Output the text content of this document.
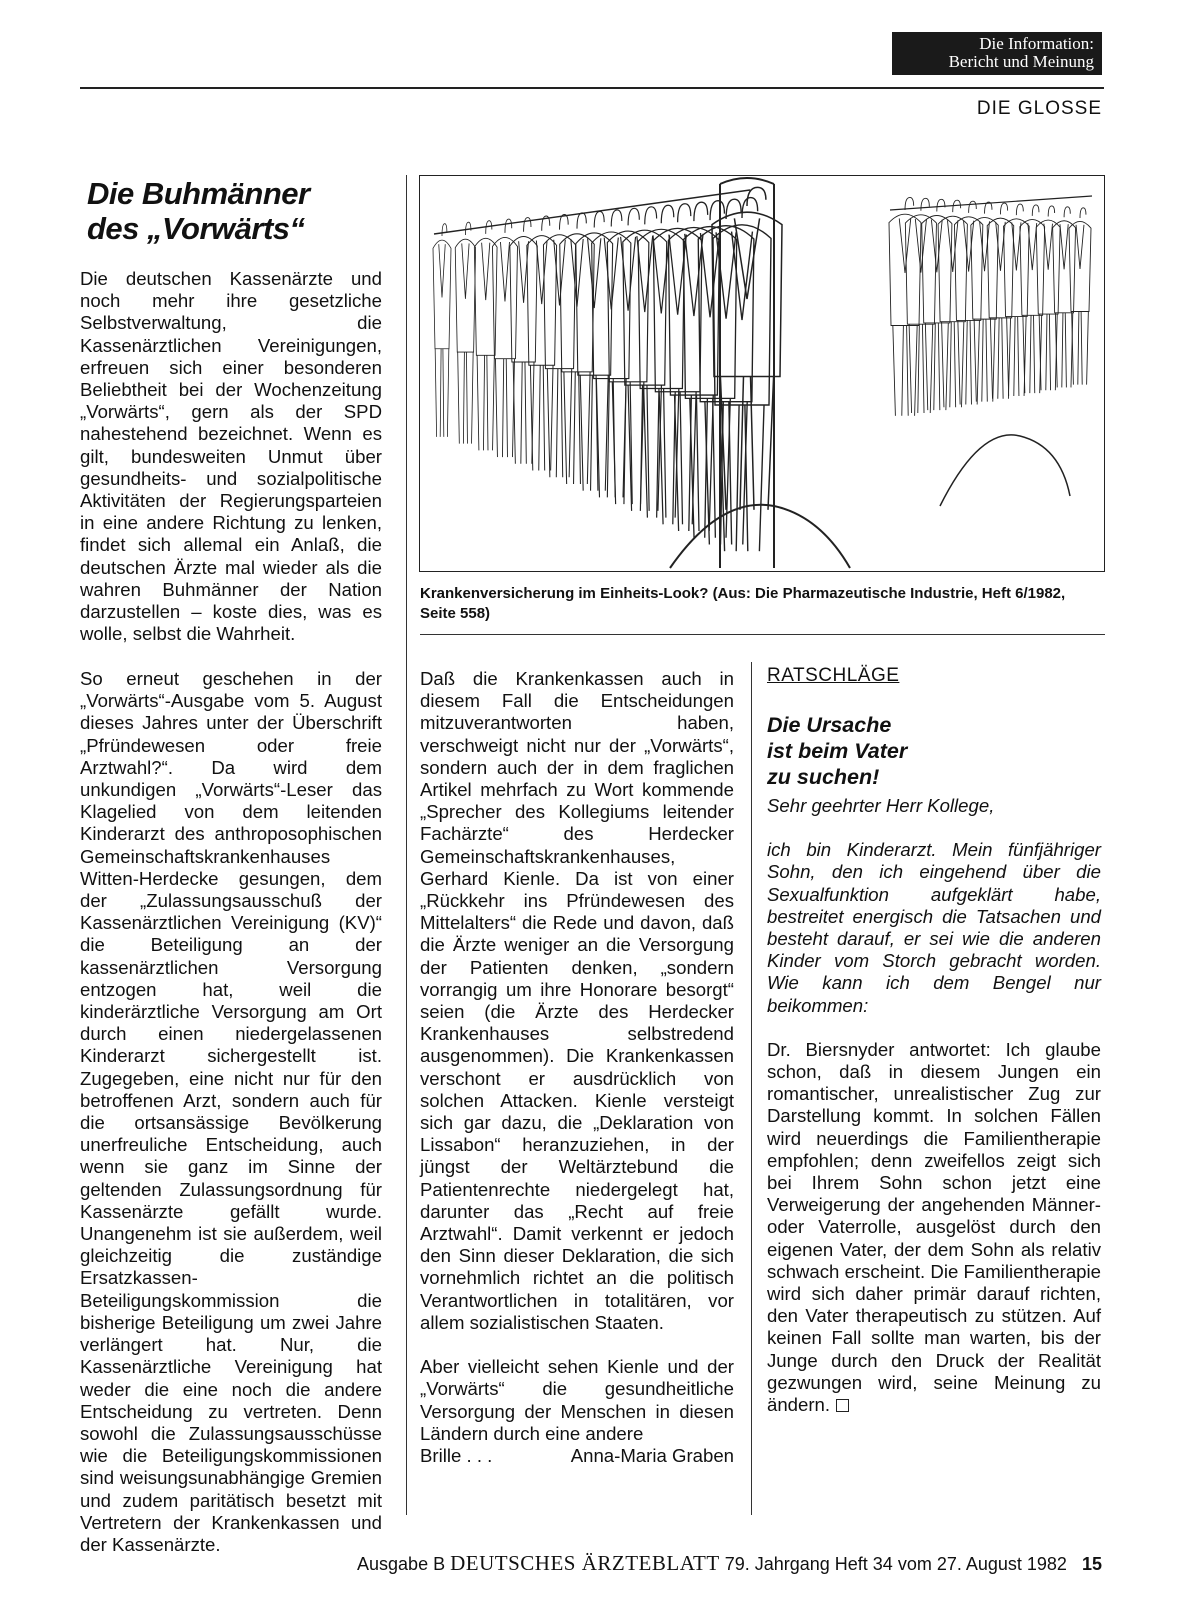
Die Information:
Bericht und Meinung
DIE GLOSSE
Die Buhmänner
des „Vorwärts“

Die deutschen Kassenärzte und noch mehr ihre gesetzliche Selbstverwaltung, die Kassenärztlichen Vereinigungen, erfreuen sich einer besonderen Beliebtheit bei der Wochenzeitung „Vorwärts“, gern als der SPD nahestehend bezeichnet. Wenn es gilt, bundesweiten Unmut über gesundheits- und sozialpolitische Aktivitäten der Regierungsparteien in eine andere Richtung zu lenken, findet sich allemal ein Anlaß, die deutschen Ärzte mal wieder als die wahren Buhmänner der Nation darzustellen – koste dies, was es wolle, selbst die Wahrheit.

Krankenversicherung im Einheits-Look? (Aus: Die Pharmazeutische Industrie, Heft 6/1982, Seite 558)

So erneut geschehen in der „Vorwärts“-Ausgabe vom 5. August dieses Jahres unter der Überschrift „Pfründewesen oder freie Arztwahl?“. Da wird dem unkundigen „Vorwärts“-Leser das Klagelied von dem leitenden Kinderarzt des anthroposophischen Gemeinschaftskrankenhauses Witten-Herdecke gesungen, dem der „Zulassungsausschuß der Kassenärztlichen Vereinigung (KV)“ die Beteiligung an der kassenärztlichen Versorgung entzogen hat, weil die kinderärztliche Versorgung am Ort durch einen niedergelassenen Kinderarzt sichergestellt ist. Zugegeben, eine nicht nur für den betroffenen Arzt, sondern auch für die ortsansässige Bevölkerung unerfreuliche Entscheidung, auch wenn sie ganz im Sinne der geltenden Zulassungsordnung für Kassenärzte gefällt wurde. Unangenehm ist sie außerdem, weil gleichzeitig die zuständige Ersatzkassen-Beteiligungskommission die bisherige Beteiligung um zwei Jahre verlängert hat. Nur, die Kassenärztliche Vereinigung hat weder die eine noch die andere Entscheidung zu vertreten. Denn sowohl die Zulassungsausschüsse wie die Beteiligungskommissionen sind weisungsunabhängige Gremien und zudem paritätisch besetzt mit Vertretern der Krankenkassen und der Kassenärzte.

Daß die Krankenkassen auch in diesem Fall die Entscheidungen mitzuverantworten haben, verschweigt nicht nur der „Vorwärts“, sondern auch der in dem fraglichen Artikel mehrfach zu Wort kommende „Sprecher des Kollegiums leitender Fachärzte“ des Herdecker Gemeinschaftskrankenhauses, Gerhard Kienle. Da ist von einer „Rückkehr ins Pfründewesen des Mittelalters“ die Rede und davon, daß die Ärzte weniger an die Versorgung der Patienten denken, „sondern vorrangig um ihre Honorare besorgt“ seien (die Ärzte des Herdecker Krankenhauses selbstredend ausgenommen). Die Krankenkassen verschont er ausdrücklich von solchen Attacken. Kienle versteigt sich gar dazu, die „Deklaration von Lissabon“ heranzuziehen, in der jüngst der Weltärztebund die Patientenrechte niedergelegt hat, darunter das „Recht auf freie Arztwahl“. Damit verkennt er jedoch den Sinn dieser Deklaration, die sich vornehmlich richtet an die politisch Verantwortlichen in totalitären, vor allem sozialistischen Staaten.

Aber vielleicht sehen Kienle und der „Vorwärts“ die gesundheitliche Versorgung der Menschen in diesen Ländern durch eine andere

Brille . . .	Anna-Maria Graben
RATSCHLÄGE
Die Ursache
ist beim Vater
zu suchen!

Sehr geehrter Herr Kollege,

ich bin Kinderarzt. Mein fünfjähriger Sohn, den ich eingehend über die Sexualfunktion aufgeklärt habe, bestreitet energisch die Tatsachen und besteht darauf, er sei wie die anderen Kinder vom Storch gebracht worden. Wie kann ich dem Bengel nur beikommen:

Dr. Biersnyder antwortet: Ich glaube schon, daß in diesem Jungen ein romantischer, unrealistischer Zug zur Darstellung kommt. In solchen Fällen wird neuerdings die Familientherapie empfohlen; denn zweifellos zeigt sich bei Ihrem Sohn schon jetzt eine Verweigerung der angehenden Männer- oder Vaterrolle, ausgelöst durch den eigenen Vater, der dem Sohn als relativ schwach erscheint. Die Familientherapie wird sich daher primär darauf richten, den Vater therapeutisch zu stützen. Auf keinen Fall sollte man warten, bis der Junge durch den Druck der Realität gezwungen wird, seine Meinung zu ändern.

Ausgabe B DEUTSCHES ÄRZTEBLATT 79. Jahrgang Heft 34 vom 27. August 1982 15
